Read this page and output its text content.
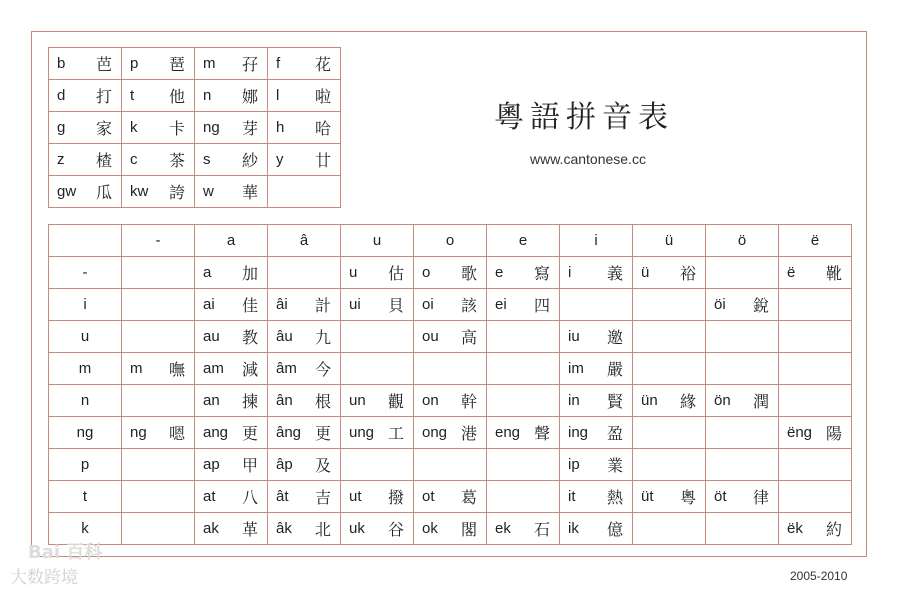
b 芭	p 琶	m 孖	f 花

d 打	t 他	n 娜	l 啦

g 家	k 卡	ng 芽	h 哈

z 楂	c 茶	s 紗	y 廿

gw 瓜	kw 誇	w 華	

粵語拼音表
www.cantonese.cc
	-	a	â	u	o	e	i	ü	ö	ë
-		a 加		u 估	o 歌	e 寫	i 義	ü 裕		ë 靴

i		ai 佳	âi 計	ui 貝	oi 該	ei 四			öi 銳	

u		au 教	âu 九		ou 高		iu 邀			

m	m 嘸	am 減	âm 今				im 嚴			

n		an 揀	ân 根	un 觀	on 幹		in 賢	ün 緣	ön 潤	

ng	ng 嗯	ang 更	âng 更	ung 工	ong 港	eng 聲	ing 盈			ëng 陽

p		ap 甲	âp 及				ip 業			

t		at 八	ât 吉	ut 撥	ot 葛		it 熱	üt 粵	öt 律	

k		ak 革	âk 北	uk 谷	ok 閣	ek 石	ik 億			ëk 約
2005-2010
Bai 百科
大数跨境
